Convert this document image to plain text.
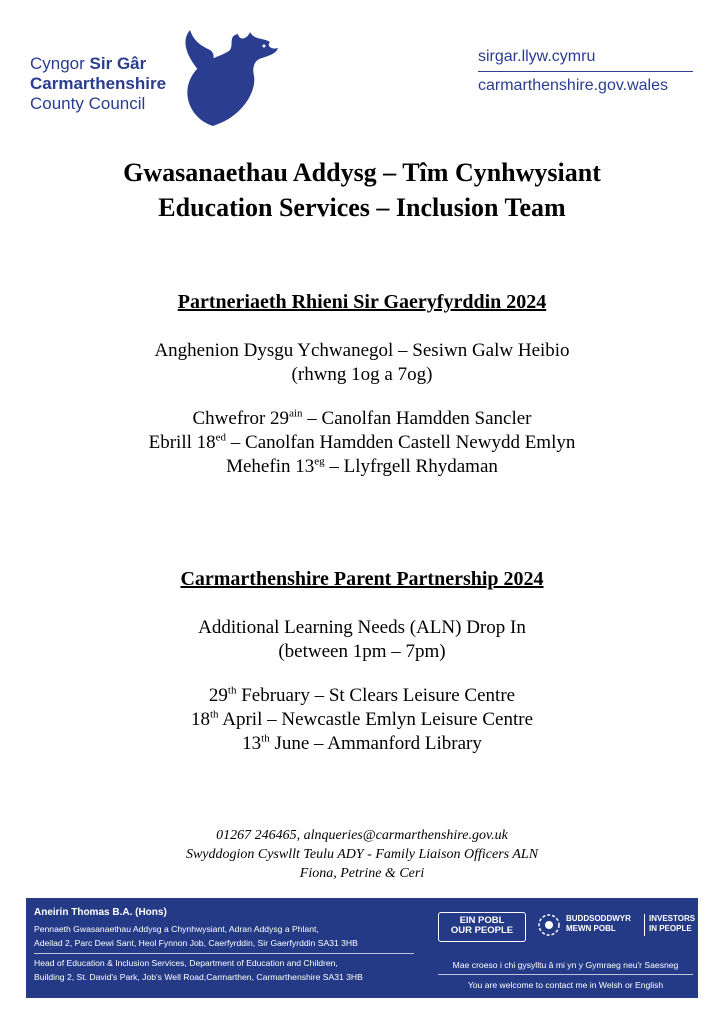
Cyngor Sir Gâr
Carmarthenshire
County Council
sirgar.llyw.cymru
carmarthenshire.gov.wales
Gwasanaethau Addysg – Tîm Cynhwysiant
Education Services – Inclusion Team
Partneriaeth Rhieni Sir Gaeryfyrddin 2024
Anghenion Dysgu Ychwanegol – Sesiwn Galw Heibio
(rhwng 1og a 7og)
Chwefror $29^{ain}$ – Canolfan Hamdden Sancler
Ebrill $18^{ed}$ – Canolfan Hamdden Castell Newydd Emlyn
Mehefin $13^{eg}$ – Llyfrgell Rhydaman
Carmarthenshire Parent Partnership 2024
Additional Learning Needs (ALN) Drop In
(between 1pm – 7pm)
29th February – St Clears Leisure Centre
18th April – Newcastle Emlyn Leisure Centre
13th June – Ammanford Library
01267 246465, alnqueries@carmarthenshire.gov.uk
Swyddogion Cyswllt Teulu ADY - Family Liaison Officers ALN
Fiona, Petrine & Ceri
Aneirin Thomas B.A. (Hons)
Pennaeth Gwasanaethau Addysg a Chynhwysiant, Adran Addysg a Phlant,
Adeilad 2, Parc Dewi Sant, Heol Fynnon Job, Caerfyrddin, Sir Gaerfyrddin SA31 3HB
Head of Education & Inclusion Services, Department of Education and Children,
Building 2, St. David's Park, Job's Well Road,Carmarthen, Carmarthenshire SA31 3HB
EIN POBL
OUR PEOPLE
BUDDSODDWYR
MEWN POBL
INVESTORS
IN PEOPLE
Mae croeso i chi gysylltu â mi yn y Gymraeg neu'r Saesneg
You are welcome to contact me in Welsh or English
